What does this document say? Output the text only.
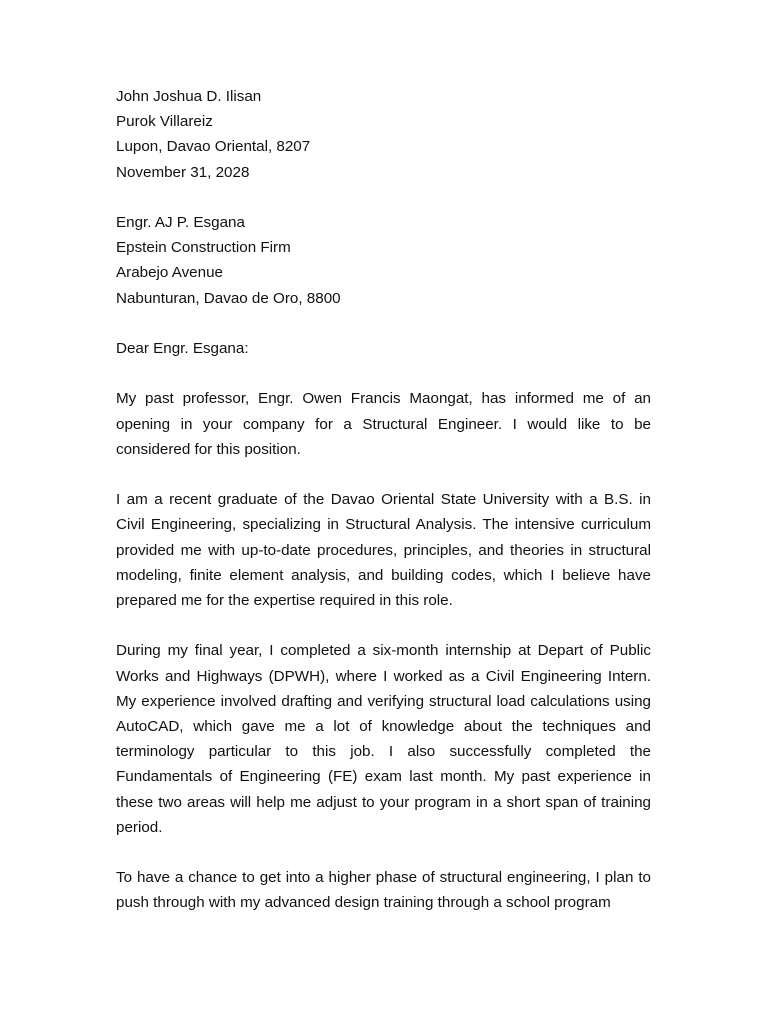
John Joshua D. Ilisan
Purok Villareiz
Lupon, Davao Oriental, 8207
November 31, 2028
Engr. AJ P. Esgana
Epstein Construction Firm
Arabejo Avenue
Nabunturan, Davao de Oro, 8800
Dear Engr. Esgana:

My past professor, Engr. Owen Francis Maongat, has informed me of an opening in your company for a Structural Engineer. I would like to be considered for this position.

I am a recent graduate of the Davao Oriental State University with a B.S. in Civil Engineering, specializing in Structural Analysis. The intensive curriculum provided me with up-to-date procedures, principles, and theories in structural modeling, finite element analysis, and building codes, which I believe have prepared me for the expertise required in this role.

During my final year, I completed a six-month internship at Depart of Public Works and Highways (DPWH), where I worked as a Civil Engineering Intern. My experience involved drafting and verifying structural load calculations using AutoCAD, which gave me a lot of knowledge about the techniques and terminology particular to this job. I also successfully completed the Fundamentals of Engineering (FE) exam last month. My past experience in these two areas will help me adjust to your program in a short span of training period.

To have a chance to get into a higher phase of structural engineering, I plan to push through with my advanced design training through a school program
